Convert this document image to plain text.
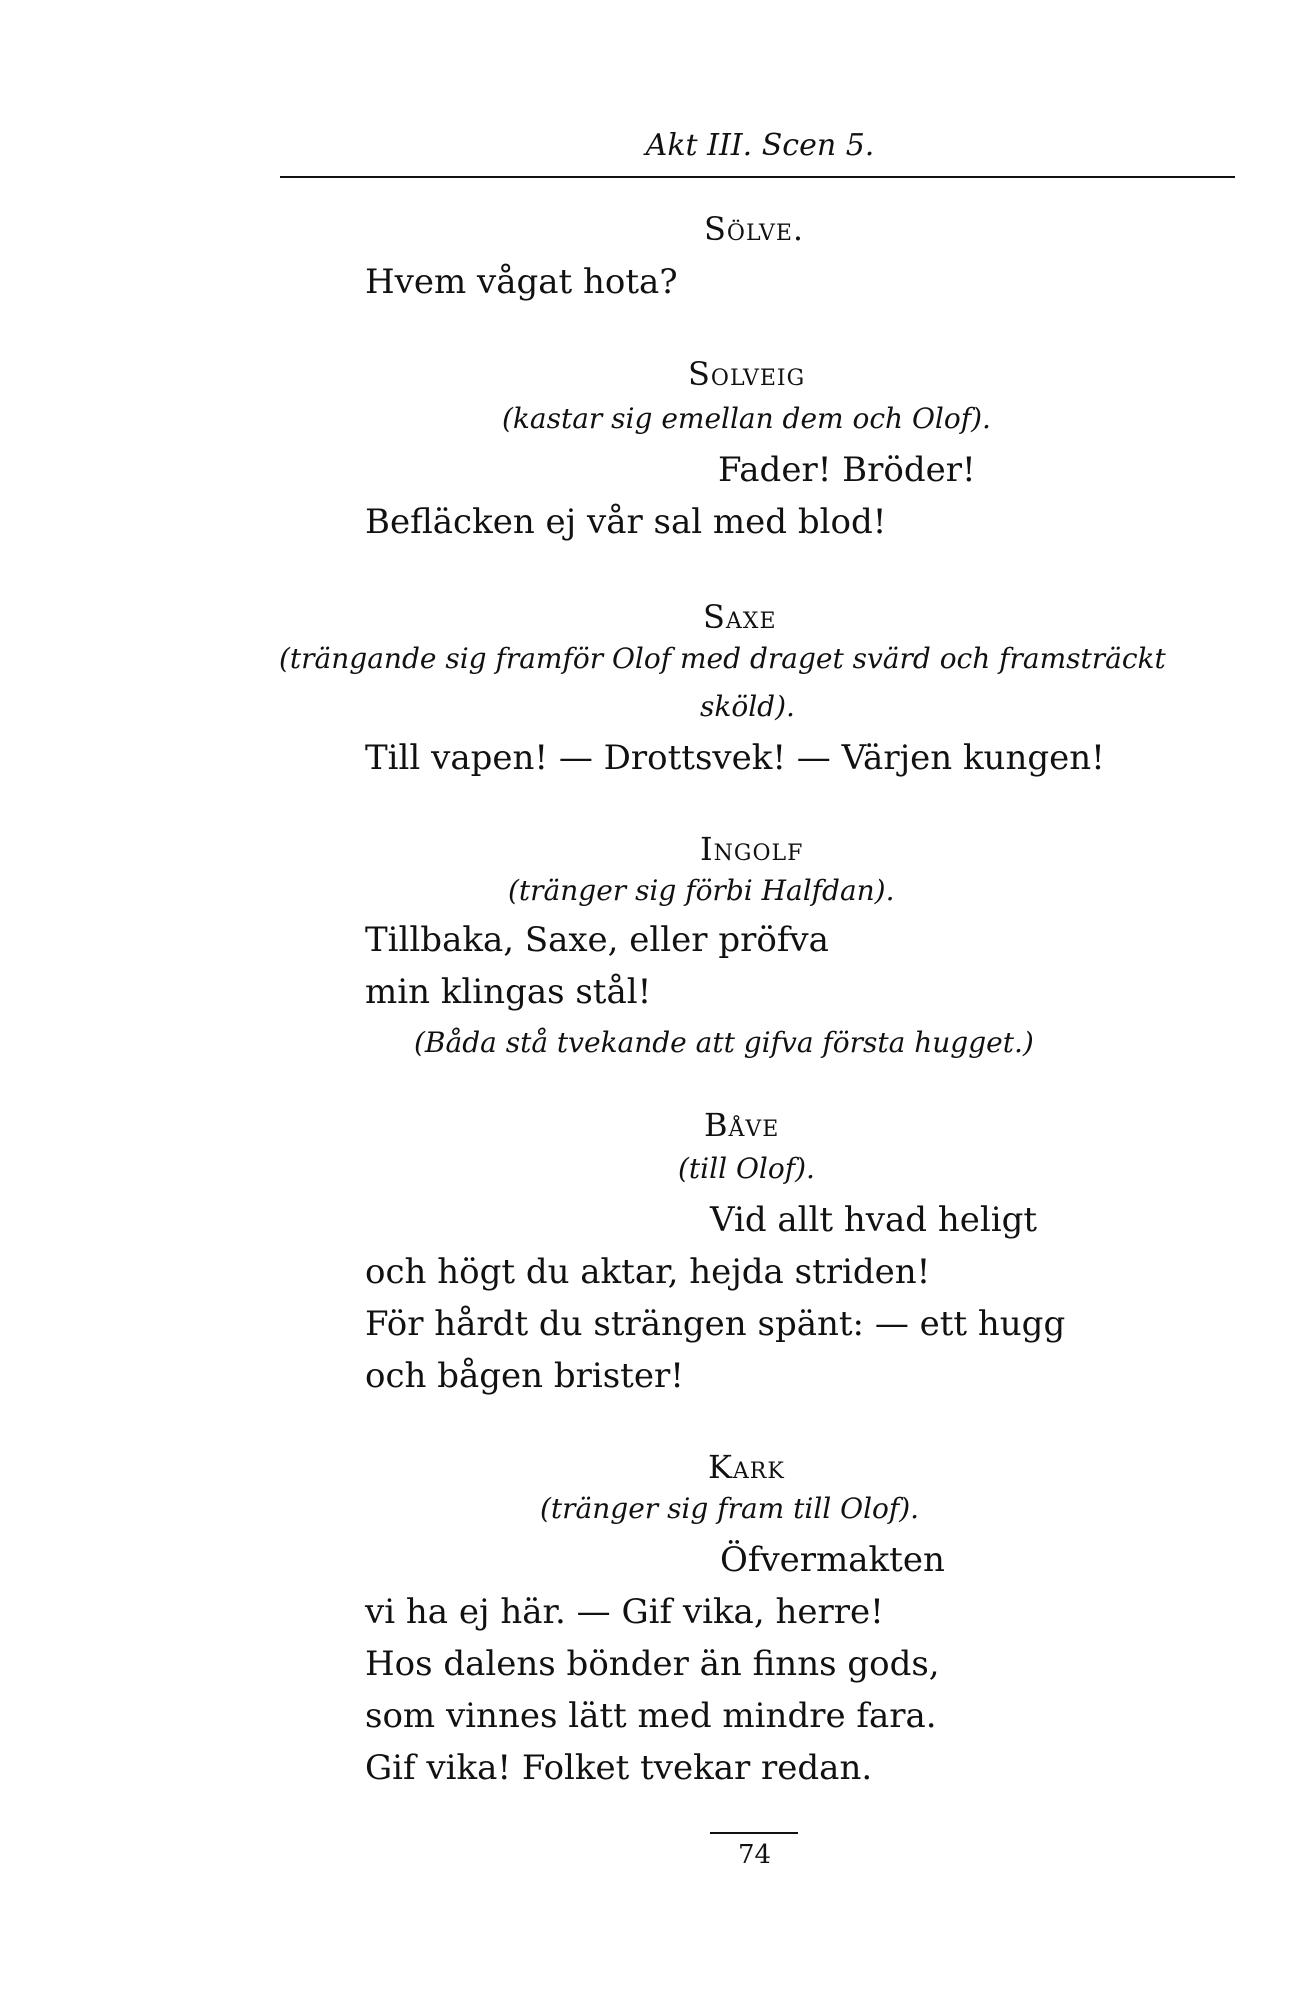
Akt III. Scen 5.
Sölve.
Hvem vågat hota?
Solveig
(kastar sig emellan dem och Olof).
Fader! Bröder!
Befläcken ej vår sal med blod!
Saxe
(trängande sig framför Olof med draget svärd och framsträckt
sköld).
Till vapen! — Drottsvek! — Värjen kungen!
Ingolf
(tränger sig förbi Halfdan).
Tillbaka, Saxe, eller pröfva
min klingas stål!
(Båda stå tvekande att gifva första hugget.)
Båve
(till Olof).
Vid allt hvad heligt
och högt du aktar, hejda striden!
För hårdt du strängen spänt: — ett hugg
och bågen brister!
Kark
(tränger sig fram till Olof).
Öfvermakten
vi ha ej här. — Gif vika, herre!
Hos dalens bönder än finns gods,
som vinnes lätt med mindre fara.
Gif vika! Folket tvekar redan.
74
